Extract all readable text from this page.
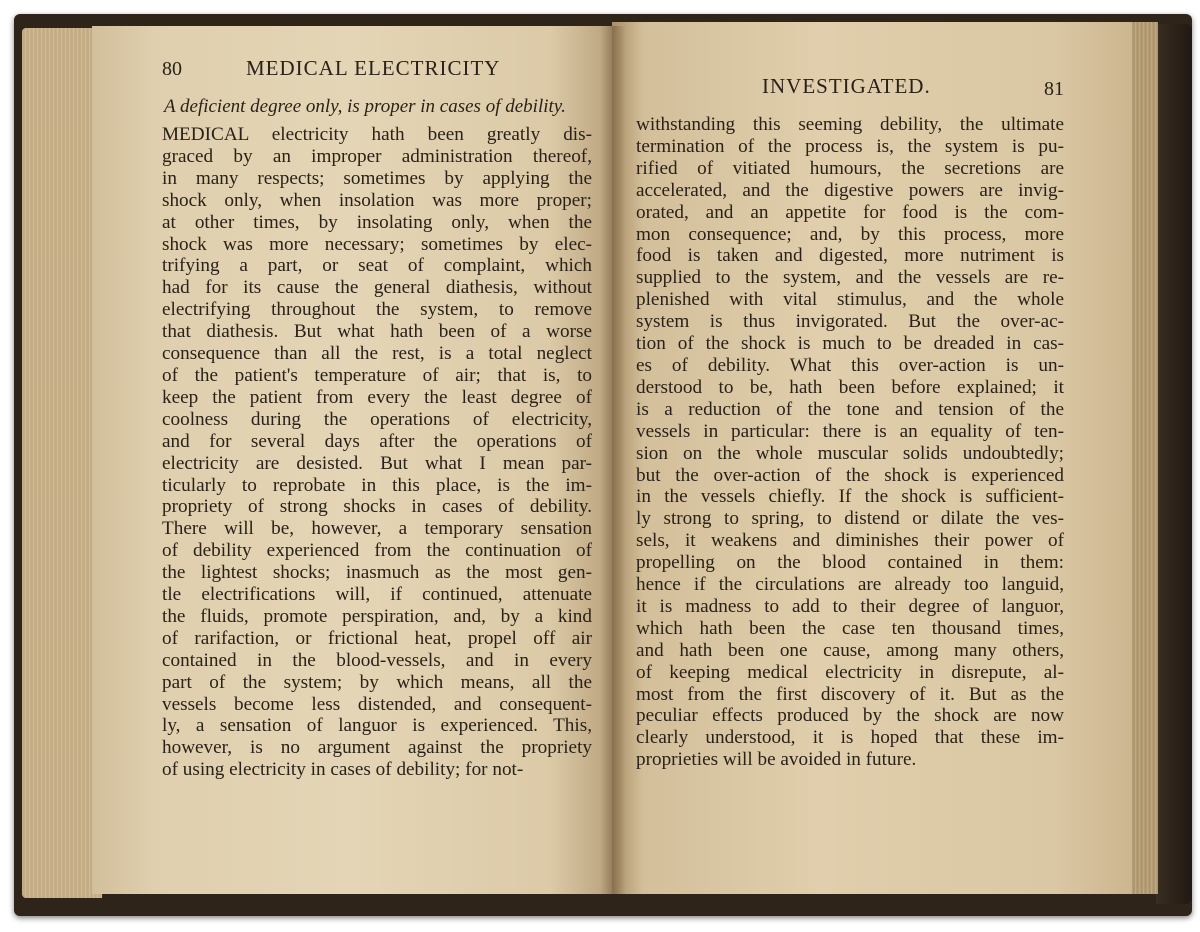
80	MEDICAL ELECTRICITY
A deficient degree only, is proper in cases of debility.
MEDICAL electricity hath been greatly dis-
graced by an improper administration thereof,
in many respects; sometimes by applying the
shock only, when insolation was more proper;
at other times, by insolating only, when the
shock was more necessary; sometimes by elec-
trifying a part, or seat of complaint, which
had for its cause the general diathesis, without
electrifying throughout the system, to remove
that diathesis. But what hath been of a worse
consequence than all the rest, is a total neglect
of the patient's temperature of air; that is, to
keep the patient from every the least degree of
coolness during the operations of electricity,
and for several days after the operations of
electricity are desisted. But what I mean par-
ticularly to reprobate in this place, is the im-
propriety of strong shocks in cases of debility.
There will be, however, a temporary sensation
of debility experienced from the continuation of
the lightest shocks; inasmuch as the most gen-
tle electrifications will, if continued, attenuate
the fluids, promote perspiration, and, by a kind
of rarifaction, or frictional heat, propel off air
contained in the blood-vessels, and in every
part of the system; by which means, all the
vessels become less distended, and consequent-
ly, a sensation of languor is experienced. This,
however, is no argument against the propriety
of using electricity in cases of debility; for not-
INVESTIGATED.	81
withstanding this seeming debility, the ultimate
termination of the process is, the system is pu-
rified of vitiated humours, the secretions are
accelerated, and the digestive powers are invig-
orated, and an appetite for food is the com-
mon consequence; and, by this process, more
food is taken and digested, more nutriment is
supplied to the system, and the vessels are re-
plenished with vital stimulus, and the whole
system is thus invigorated. But the over-ac-
tion of the shock is much to be dreaded in cas-
es of debility. What this over-action is un-
derstood to be, hath been before explained; it
is a reduction of the tone and tension of the
vessels in particular: there is an equality of ten-
sion on the whole muscular solids undoubtedly;
but the over-action of the shock is experienced
in the vessels chiefly. If the shock is sufficient-
ly strong to spring, to distend or dilate the ves-
sels, it weakens and diminishes their power of
propelling on the blood contained in them:
hence if the circulations are already too languid,
it is madness to add to their degree of languor,
which hath been the case ten thousand times,
and hath been one cause, among many others,
of keeping medical electricity in disrepute, al-
most from the first discovery of it. But as the
peculiar effects produced by the shock are now
clearly understood, it is hoped that these im-
proprieties will be avoided in future.
